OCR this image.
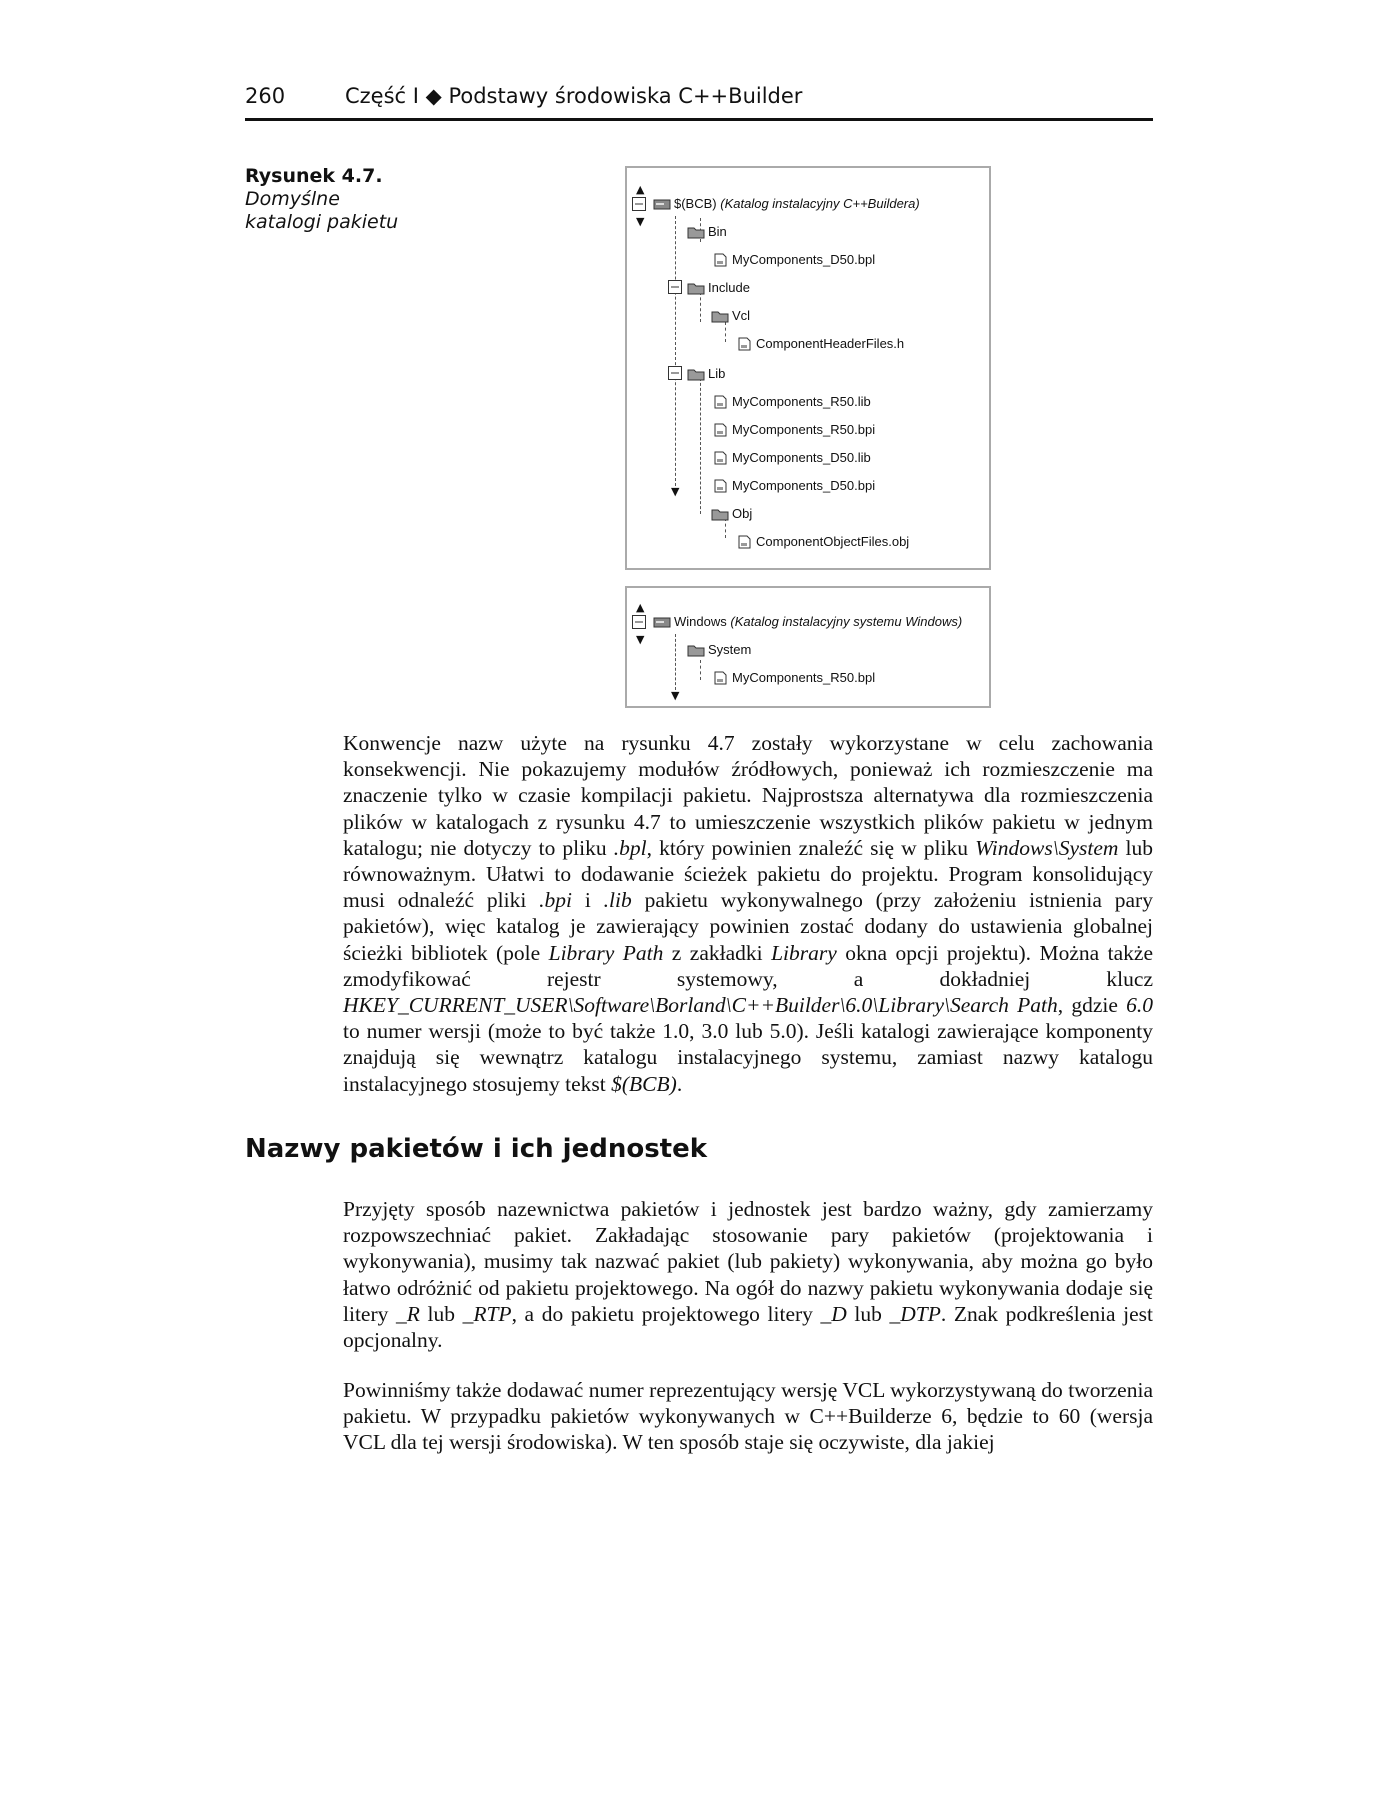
260	Część I ◆ Podstawy środowiska C++Builder
Rysunek 4.7.
Domyślne
katalogi pakietu
▲
▼
▼
$(BCB) (Katalog instalacyjny C++Buildera)
Bin
MyComponents_D50.bpl
Include
Vcl
ComponentHeaderFiles.h
Lib
MyComponents_R50.lib
MyComponents_R50.bpi
MyComponents_D50.lib
MyComponents_D50.bpi
Obj
ComponentObjectFiles.obj
▲
▼
▼
Windows (Katalog instalacyjny systemu Windows)
System
MyComponents_R50.bpl

Konwencje nazw użyte na rysunku 4.7 zostały wykorzystane w celu zachowania konsekwencji. Nie pokazujemy modułów źródłowych, ponieważ ich rozmieszczenie ma znaczenie tylko w czasie kompilacji pakietu. Najprostsza alternatywa dla rozmieszczenia plików w katalogach z rysunku 4.7 to umieszczenie wszystkich plików pakietu w jednym katalogu; nie dotyczy to pliku .bpl, który powinien znaleźć się w pliku Windows\System lub równoważnym. Ułatwi to dodawanie ścieżek pakietu do projektu. Program konsolidujący musi odnaleźć pliki .bpi i .lib pakietu wykonywalnego (przy założeniu istnienia pary pakietów), więc katalog je zawierający powinien zostać dodany do ustawienia globalnej ścieżki bibliotek (pole Library Path z zakładki Library okna opcji projektu). Można także zmodyfikować rejestr systemowy, a dokładniej klucz HKEY_CURRENT_USER\Software\Borland\C++Builder\6.0\Library\Search Path, gdzie 6.0 to numer wersji (może to być także 1.0, 3.0 lub 5.0). Jeśli katalogi zawierające komponenty znajdują się wewnątrz katalogu instalacyjnego systemu, zamiast nazwy katalogu instalacyjnego stosujemy tekst $(BCB).

Nazwy pakietów i ich jednostek

Przyjęty sposób nazewnictwa pakietów i jednostek jest bardzo ważny, gdy zamierzamy rozpowszechniać pakiet. Zakładając stosowanie pary pakietów (projektowania i wykonywania), musimy tak nazwać pakiet (lub pakiety) wykonywania, aby można go było łatwo odróżnić od pakietu projektowego. Na ogół do nazwy pakietu wykonywania dodaje się litery _R lub _RTP, a do pakietu projektowego litery _D lub _DTP. Znak podkreślenia jest opcjonalny.

Powinniśmy także dodawać numer reprezentujący wersję VCL wykorzystywaną do tworzenia pakietu. W przypadku pakietów wykonywanych w C++Builderze 6, będzie to 60 (wersja VCL dla tej wersji środowiska). W ten sposób staje się oczywiste, dla jakiej
